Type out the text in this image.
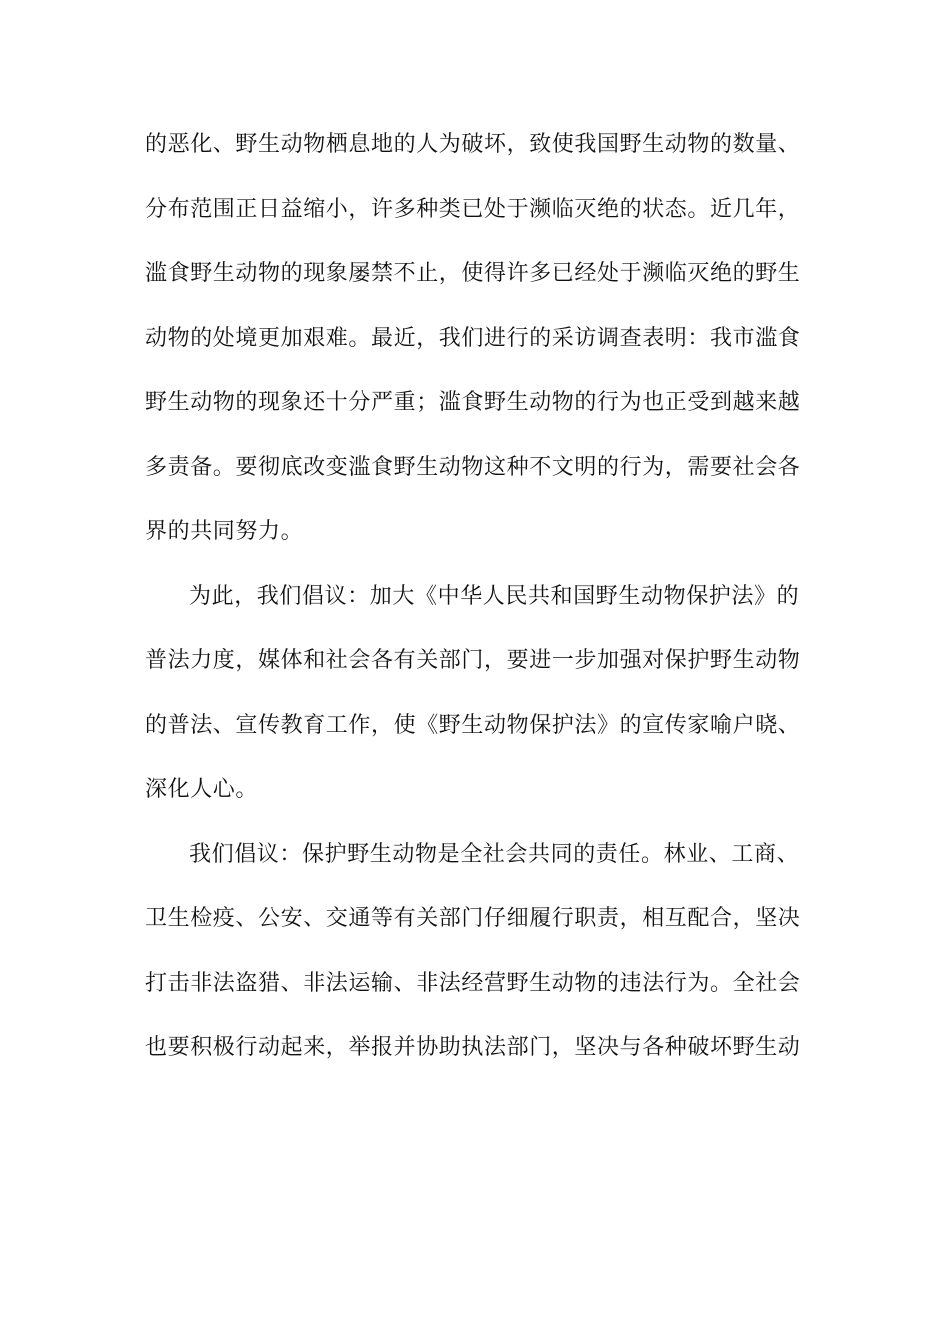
的恶化、野生动物栖息地的人为破坏，致使我国野生动物的数量、
分布范围正日益缩小，许多种类已处于濒临灭绝的状态。近几年，
滥食野生动物的现象屡禁不止，使得许多已经处于濒临灭绝的野生
动物的处境更加艰难。最近，我们进行的采访调查表明：我市滥食
野生动物的现象还十分严重；滥食野生动物的行为也正受到越来越
多责备。要彻底改变滥食野生动物这种不文明的行为，需要社会各
界的共同努力。
为此，我们倡议：加大《中华人民共和国野生动物保护法》的
普法力度，媒体和社会各有关部门，要进一步加强对保护野生动物
的普法、宣传教育工作，使《野生动物保护法》的宣传家喻户晓、
深化人心。
我们倡议：保护野生动物是全社会共同的责任。林业、工商、
卫生检疫、公安、交通等有关部门仔细履行职责，相互配合，坚决
打击非法盗猎、非法运输、非法经营野生动物的违法行为。全社会
也要积极行动起来，举报并协助执法部门，坚决与各种破坏野生动
